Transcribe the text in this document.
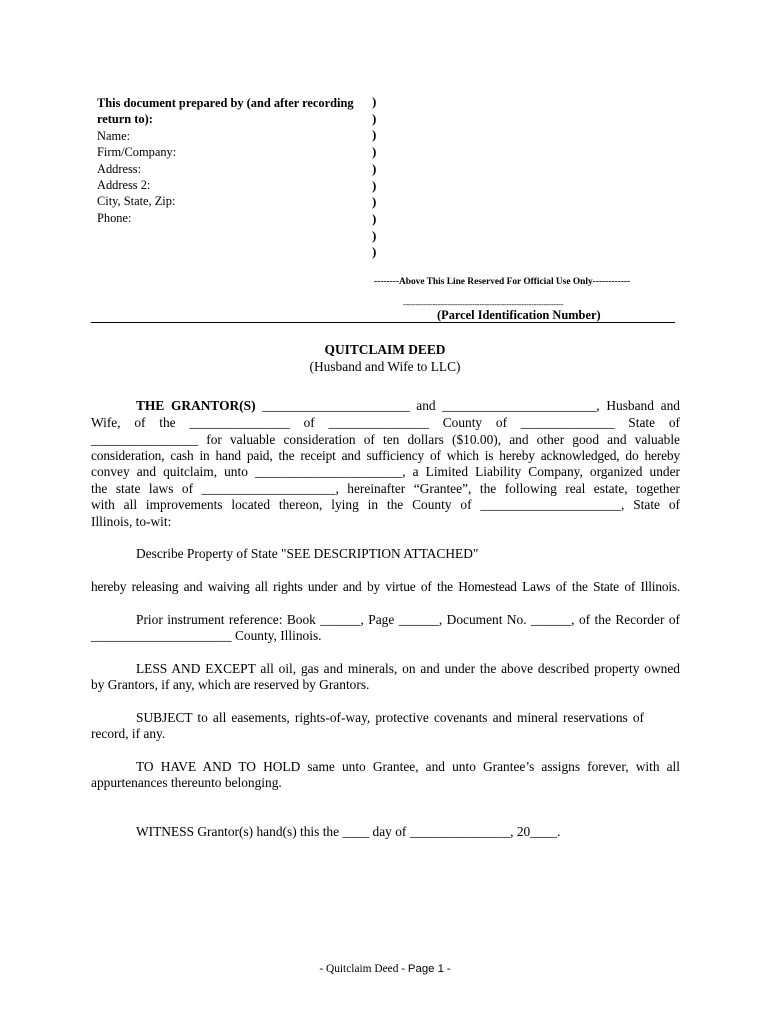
This document prepared by (and after recording
return to):
Name:
Firm/Company:
Address:
Address 2:
City, State, Zip:
Phone:
)
)
)
)
)
)
)
)
)
)
--------Above This Line Reserved For Official Use Only------------
-----------------------------------------------------------------
(Parcel Identification Number)
QUITCLAIM DEED
(Husband and Wife to LLC)
THE GRANTOR(S) ______________________ and _______________________, Husband and
Wife, of the _______________ of _______________ County of ______________ State of
________________ for valuable consideration of ten dollars ($10.00), and other good and valuable
consideration, cash in hand paid, the receipt and sufficiency of which is hereby acknowledged, do hereby
convey and quitclaim, unto ______________________, a Limited Liability Company, organized under
the state laws of ____________________, hereinafter “Grantee”, the following real estate, together
with all improvements located thereon, lying in the County of _____________________, State of
Illinois, to-wit:
Describe Property of State "SEE DESCRIPTION ATTACHED"
hereby releasing and waiving all rights under and by virtue of the Homestead Laws of the State of Illinois.
Prior instrument reference: Book ______, Page ______, Document No. ______, of the Recorder of
_____________________ County, Illinois.
LESS AND EXCEPT all oil, gas and minerals, on and under the above described property owned
by Grantors, if any, which are reserved by Grantors.
SUBJECT to all easements, rights-of-way, protective covenants and mineral reservations of
record, if any.
TO HAVE AND TO HOLD same unto Grantee, and unto Grantee’s assigns forever, with all
appurtenances thereunto belonging.
WITNESS Grantor(s) hand(s) this the ____ day of _______________, 20____.
- Quitclaim Deed - Page 1 -
